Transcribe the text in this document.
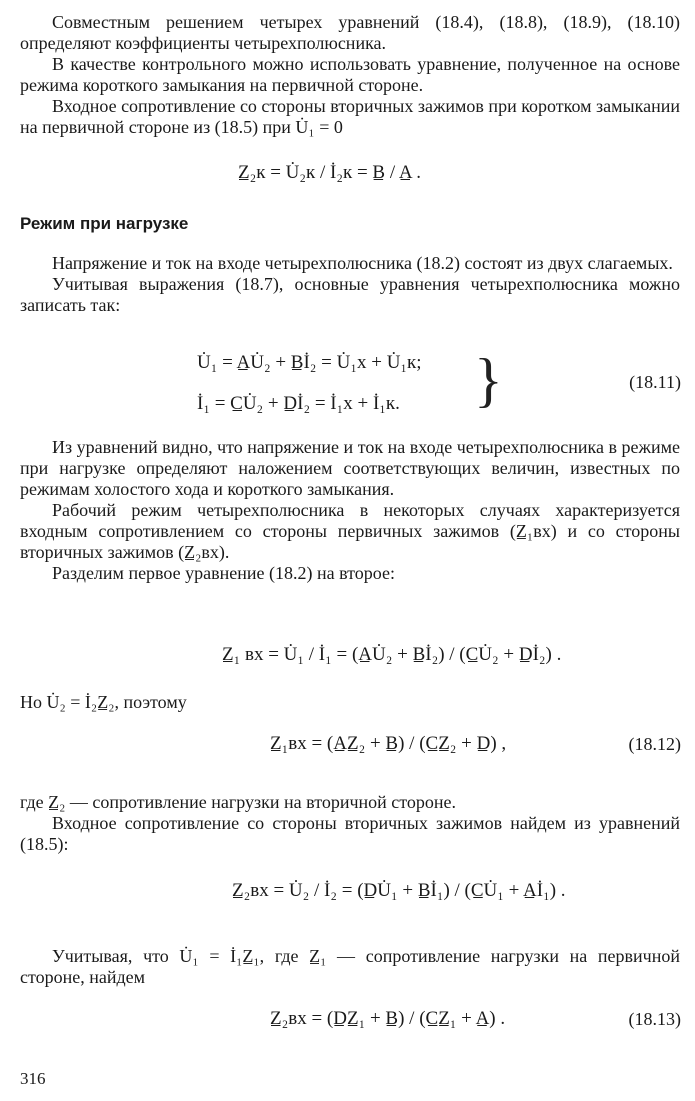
Совместным решением четырех уравнений (18.4), (18.8), (18.9), (18.10) определяют коэффициенты четырехполюсника.

В качестве контрольного можно использовать уравнение, полученное на основе режима короткого замыкания на первичной стороне.

Входное сопротивление со стороны вторичных зажимов при коротком замыкании на первичной стороне из (18.5) при U̇₁ = 0

Z̲₂к = U̇₂к / İ₂к = B̲ / A̲ .
Режим при нагрузке

Напряжение и ток на входе четырехполюсника (18.2) состоят из двух слагаемых.

Учитывая выражения (18.7), основные уравнения четырехполюсника можно записать так:

U̇₁ = A̲U̇₂ + B̲İ₂ = U̇₁х + U̇₁к;
İ₁ = C̲U̇₂ + D̲İ₂ = İ₁х + İ₁к. }	(18.11)

Из уравнений видно, что напряжение и ток на входе четырехполюсника в режиме при нагрузке определяют наложением соответствующих величин, известных по режимам холостого хода и короткого замыкания.

Рабочий режим четырехполюсника в некоторых случаях характеризуется входным сопротивлением со стороны первичных зажимов (Z̲₁вх) и со стороны вторичных зажимов (Z̲₂вх).

Разделим первое уравнение (18.2) на второе:

Z̲₁ вх = U̇₁ / İ₁ = (A̲U̇₂ + B̲İ₂) / (C̲U̇₂ + D̲İ₂) .

Но U̇₂ = İ₂Z̲₂, поэтому

Z̲₁вх = (A̲Z̲₂ + B̲) / (C̲Z̲₂ + D̲) ,	(18.12)

где Z̲₂ — сопротивление нагрузки на вторичной стороне.

Входное сопротивление со стороны вторичных зажимов найдем из уравнений (18.5):

Z̲₂вх = U̇₂ / İ₂ = (D̲U̇₁ + B̲İ₁) / (C̲U̇₁ + A̲İ₁) .

Учитывая, что U̇₁ = İ₁Z̲₁, где Z̲₁ — сопротивление нагрузки на первичной стороне, найдем

Z̲₂вх = (D̲Z̲₁ + B̲) / (C̲Z̲₁ + A̲) .	(18.13)
316
